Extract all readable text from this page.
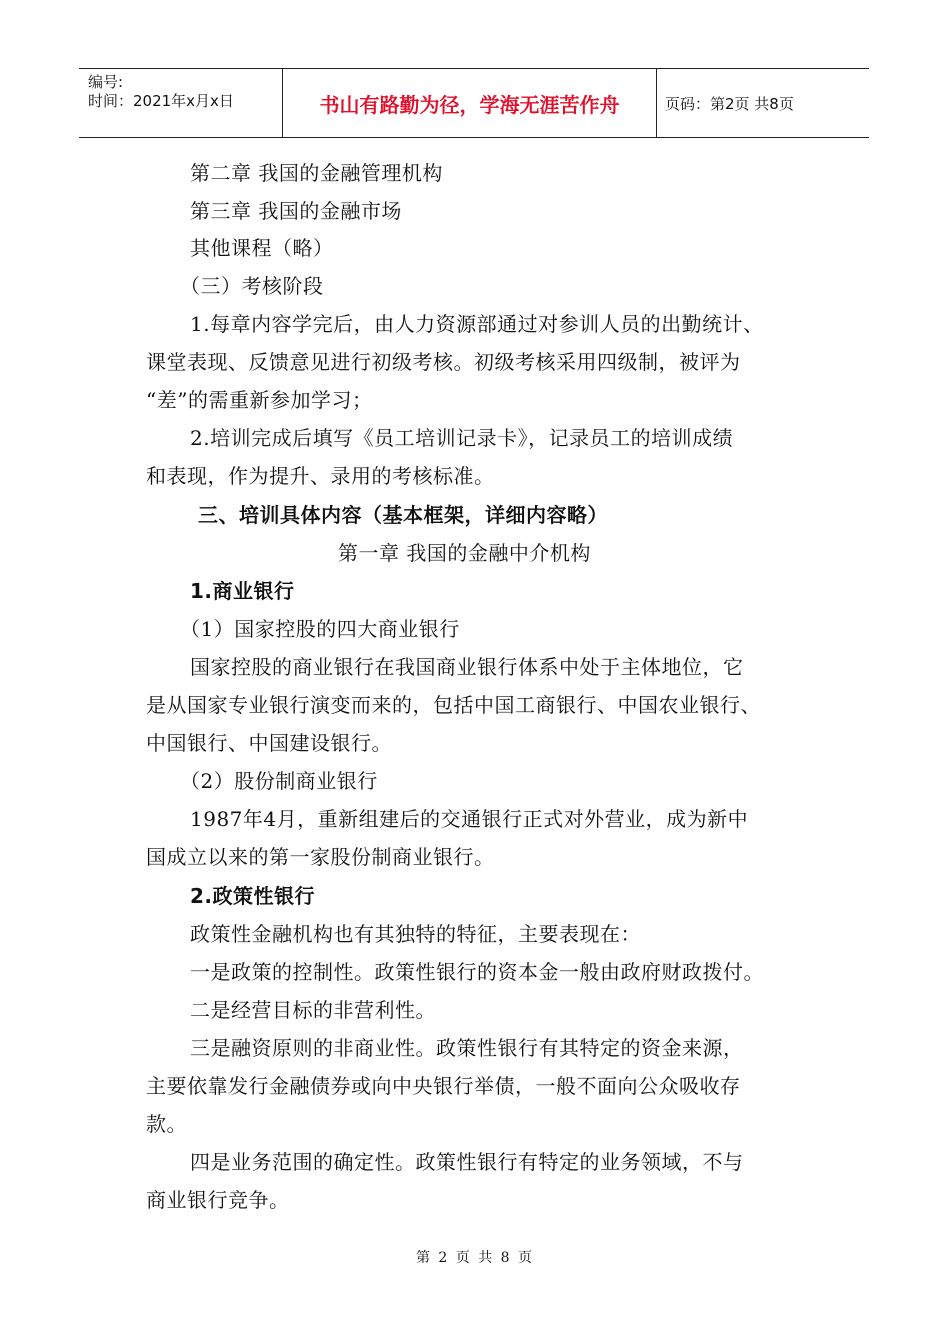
编号:
时间：2021年x月x日	书山有路勤为径，学海无涯苦作舟	页码：第2页 共8页
第二章 我国的金融管理机构
第三章 我国的金融市场
其他课程（略）
（三）考核阶段
1.每章内容学完后，由人力资源部通过对参训人员的出勤统计、
课堂表现、反馈意见进行初级考核。初级考核采用四级制，被评为
“差”的需重新参加学习；
2.培训完成后填写《员工培训记录卡》，记录员工的培训成绩
和表现，作为提升、录用的考核标准。
三、培训具体内容（基本框架，详细内容略）
第一章 我国的金融中介机构
1.商业银行
（1）国家控股的四大商业银行
国家控股的商业银行在我国商业银行体系中处于主体地位，它
是从国家专业银行演变而来的，包括中国工商银行、中国农业银行、
中国银行、中国建设银行。
（2）股份制商业银行
1987年4月，重新组建后的交通银行正式对外营业，成为新中
国成立以来的第一家股份制商业银行。
2.政策性银行
政策性金融机构也有其独特的特征，主要表现在：
一是政策的控制性。政策性银行的资本金一般由政府财政拨付。
二是经营目标的非营利性。
三是融资原则的非商业性。政策性银行有其特定的资金来源，
主要依靠发行金融债券或向中央银行举债，一般不面向公众吸收存
款。
四是业务范围的确定性。政策性银行有特定的业务领域，不与
商业银行竞争。
第 2 页 共 8 页
